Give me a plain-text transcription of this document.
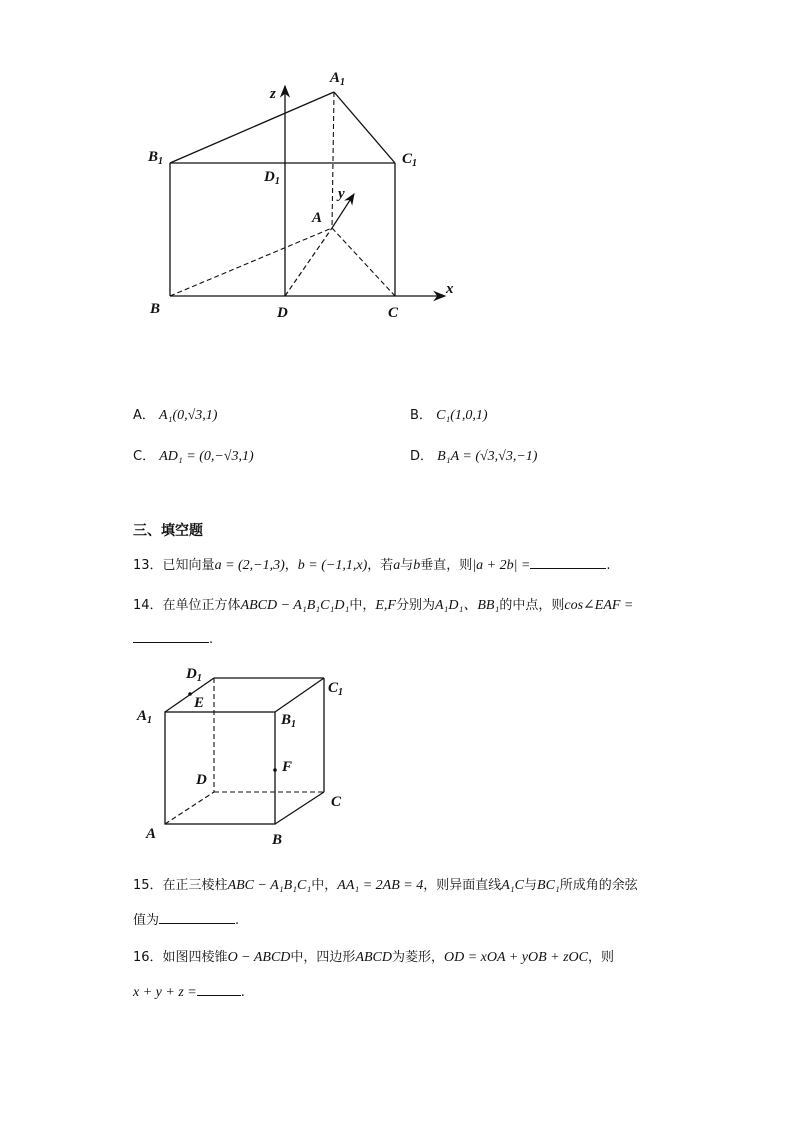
$A_1$
$B_1$	$C_1$
$D_1$
A
B	D	C
x
y
z
A． A₁(0,√3,1)	B． C₁(1,0,1)
C． AD₁ = (0,−√3,1)	D． B₁A = (√3,√3,−1)
三、填空题
13．已知向量a = (2,−1,3)，b = (−1,1,x)，若a与b垂直，则|a + 2b| =	.
14．在单位正方体ABCD − A₁B₁C₁D₁中，E,F分别为A₁D₁、BB₁的中点，则cos∠EAF =
.
$D_1$
$C_1$
$A_1$	$B_1$
E
F
D
C
A	B
15．在正三棱柱ABC − A₁B₁C₁中，AA₁ = 2AB = 4，则异面直线A₁C与BC₁所成角的余弦
值为	.
16．如图四棱锥O − ABCD中，四边形ABCD为菱形，OD = xOA + yOB + zOC，则
x + y + z =	.
